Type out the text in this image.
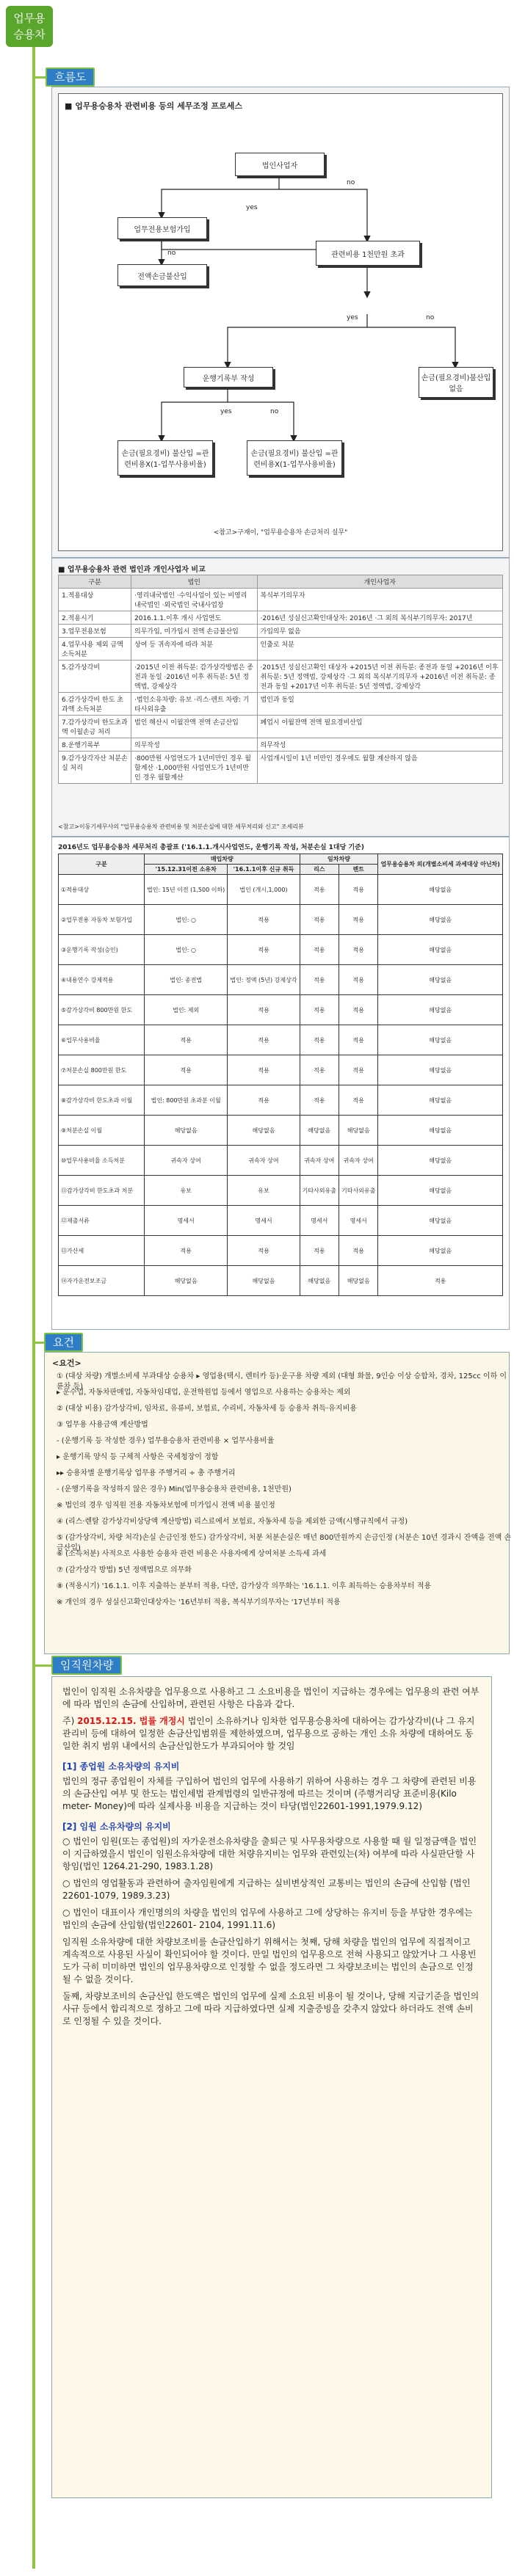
업무용
승용차
흐름도
■ 업무용승용차 관련비용 등의 세무조정 프로세스
법인사업자
업무전용보험가입
전액손금불산입
관련비용 1천만원 초과
운행기록부 작성	손금(필요경비)불산입 없음
손금(필요경비) 불산입 =관련비용X(1-업무사용비율)
손금(필요경비) 불산입 =관련비용X(1-업무사용비율)
yes
no
no
yes	no
yes	no
<참고>구재이, "업무용승용차 손금처리 실무"
■ 업무용승용차 관련 법인과 개인사업자 비교
구분	법인	개인사업자
1.적용대상	·영리내국법인 ·수익사업이 있는 비영리 내국법인 ·외국법인 국내사업장	복식부기의무자
2.적용시기	2016.1.1.이후 개시 사업연도	·2016년 성실신고확인대상자: 2016년 ·그 외의 복식부기의무자: 2017년
3.업무전용보험	의무가입, 미가입시 전액 손금불산입	가입의무 없음
4.업무사용 제외 금액 소득처분	상여 등 귀속자에 따라 처분	인출로 처분
5.감가상각비	·2015년 이전 취득분: 감가상각방법은 종전과 동일 ·2016년 이후 취득분: 5년 정액법, 강제상각	·2015년 성실신고확인 대상자 +2015년 이전 취득분: 종전과 동일 +2016년 이후 취득분: 5년 정액법, 강제상각 ·그 외의 복식부기의무자 +2016년 이전 취득분: 종전과 동일 +2017년 이후 취득분: 5년 정액법, 강제상각
6.감가상각비 한도 초과액 소득처분	·법인소유차량: 유보 ·리스·렌트 차량: 기타사외유출	법인과 동일
7.감가상각비 한도초과액 이월손금 처리	법인 해산시 이월잔액 전액 손금산입	폐업시 이월잔액 전액 필요경비산입
8.운행기록부	의무작성	의무작성
9.감가상각자산 처분손실 처리	·800만원 사업연도가 1년미만인 경우 월할계산 ·1,000만원 사업연도가 1년미만인 경우 월할계산	사업개시일이 1년 미만인 경우에도 월할 계산하지 않음
<참고>이동기세무사의 "업무용승용차 관련비용 및 처분손실에 대한 세무처리와 신고" 조세리뷰
2016년도 업무용승용차 세무처리 총괄표 ('16.1.1.개시사업연도, 운행기록 작성, 처분손실 1대당 기준)
구분	매입차량		임차차량		업무용승용차 외(개별소비세 과세대상 아닌차)
	'15.12.31이전 소유차	'16.1.1이후 신규 취득	리스	렌트	
①적용대상	법인: 15년 이전 (1,500 이하)	법인 (개시,1,000)	적용	적용	해당없음
②업무전용 자동차 보험가입	법인: ○	적용	적용	적용	해당없음
③운행기록 작성(승인)	법인: ○	적용	적용	적용	해당없음
④내용연수 강제적용	법인: 종전법	법인: 정액 (5년) 강제상각	적용	적용	해당없음
⑤감가상각비 800만원 한도	법인: 제외	적용	적용	적용	해당없음
⑥업무사용비율	적용	적용	적용	적용	해당없음
⑦처분손실 800만원 한도	적용	적용	적용	적용	해당없음
⑧감가상각비 한도초과 이월	법인: 800만원 초과분 이월	적용	적용	적용	해당없음
⑨처분손실 이월	해당없음	해당없음	해당없음	해당없음	해당없음
⑩업무사용비율 소득처분	귀속자 상여	귀속자 상여	귀속자 상여	귀속자 상여	해당없음
⑪감가상각비 한도초과 처분	유보	유보	기타사외유출	기타사외유출	해당없음
⑫제출서류	명세서	명세서	명세서	명세서	해당없음
⑬가산세	적용	적용	적용	적용	해당없음
⑭자가운전보조금	해당없음	해당없음	해당없음	해당없음	적용
요건
<요건>
① (대상 차량) 개별소비세 부과대상 승용차 ▸ 영업용(택시, 렌터카 등)·운구용 차량 제외 (대형 화물, 9인승 이상 승합차, 경차, 125cc 이하 이륜차 등)
▸ 운수업, 자동차판매업, 자동차임대업, 운전학원업 등에서 영업으로 사용하는 승용차는 제외
② (대상 비용) 감가상각비, 임차료, 유류비, 보험료, 수리비, 자동차세 등 승용차 취득·유지비용
③ 업무용 사용금액 계산방법
- (운행기록 등 작성한 경우) 업무용승용차 관련비용 × 업무사용비율
▸ 운행기록 양식 등 구체적 사항은 국세청장이 정함
▸▸ 승용차별 운행기록상 업무용 주행거리 ÷ 총 주행거리
- (운행기록을 작성하지 않은 경우) Min(업무용승용차 관련비용, 1천만원)
※ 법인의 경우 임직원 전용 자동차보험에 미가입시 전액 비용 불인정
④ (리스·렌탈 감가상각비상당액 계산방법) 리스료에서 보험료, 자동차세 등을 제외한 금액(시행규칙에서 규정)
⑤ (감가상각비, 차량 처각)손실 손금인정 한도) 감가상각비, 처분 처분손실은 매년 800만원까지 손금인정 (처분손 10년 경과시 잔액을 전액 손금산입)
⑥ (소득처분) 사적으로 사용한 승용차 관련 비용은 사용자에게 상여처분 소득세 과세
⑦ (감가상각 방법) 5년 정액법으로 의무화
⑧ (적용시기) '16.1.1. 이후 지출하는 분부터 적용, 다만, 감가상각 의무화는 '16.1.1. 이후 최득하는 승용차부터 적용
※ 개인의 경우 성실신고확인대상자는 '16년부터 적용, 복식부기의무자는 '17년부터 적용
임직원차량

법인이 임직원 소유차량을 업무용으로 사용하고 그 소요비용을 법인이 지급하는 경우에는 업무용의 관련 여부에 따라 법인의 손금에 산입하며, 관련된 사항은 다음과 같다.

주) 2015.12.15. 법률 개정시 법인이 소유하거나 임차한 업무용승용차에 대하여는 감가상각비(나 그 유지관리비 등에 대하여 일정한 손금산입범위를 제한하였으며, 업무용으로 공하는 개인 소유 차량에 대하여도 동일한 취지 범위 내에서의 손금산입한도가 부과되어야 할 것임

[1] 종업원 소유차량의 유지비

법인의 정규 종업원이 자체를 구입하여 법인의 업무에 사용하기 위하여 사용하는 경우 그 차량에 관련된 비용의 손금산입 여부 및 한도는 법인세법 관계법령의 일반규정에 따르는 것이며 (주행거리당 표준비용(Kilo meter- Money)에 따라 실제사용 비용을 지급하는 것이 타당(법인22601-1991,1979.9.12)

[2] 임원 소유차량의 유지비

○ 법인이 임원(또는 종업원)의 자가운전소유차량을 출퇴근 및 사무용차량으로 사용할 때 월 일정금액을 법인이 지급하였을시 법인이 임원소유차량에 대한 처량유지비는 업무와 관련있는(차) 여부에 따라 사실판단할 사항임(법인 1264.21-290, 1983.1.28)

○ 법인의 영업활동과 관련하여 출자임원에게 지급하는 실비변상적인 교통비는 법인의 손금에 산입함 (법인 22601-1079, 1989.3.23)

○ 법인이 대표이사 개인명의의 차량을 법인의 업무에 사용하고 그에 상당하는 유지비 등을 부담한 경우에는 법인의 손금에 산입함(법인22601- 2104, 1991.11.6)

임직원 소유차량에 대한 차량보조비를 손금산입하기 위해서는 첫째, 당해 차량을 법인의 업무에 직접적이고 계속적으로 사용된 사실이 확인되어야 할 것이다. 만일 법인의 업무용으로 전혀 사용되고 않았거나 그 사용빈도가 극히 미미하면 법인의 업무용차량으로 인정할 수 없을 정도라면 그 차량보조비는 법인의 손금으로 인정될 수 없을 것이다.

둘째, 차량보조비의 손금산입 한도액은 법인의 업무에 실제 소요된 비용이 될 것이나, 당해 지급기준을 법인의 사규 등에서 합리적으로 정하고 그에 따라 지급하였다면 실제 지출증빙을 갖추지 않았다 하더라도 전액 손비로 인정될 수 있을 것이다.
